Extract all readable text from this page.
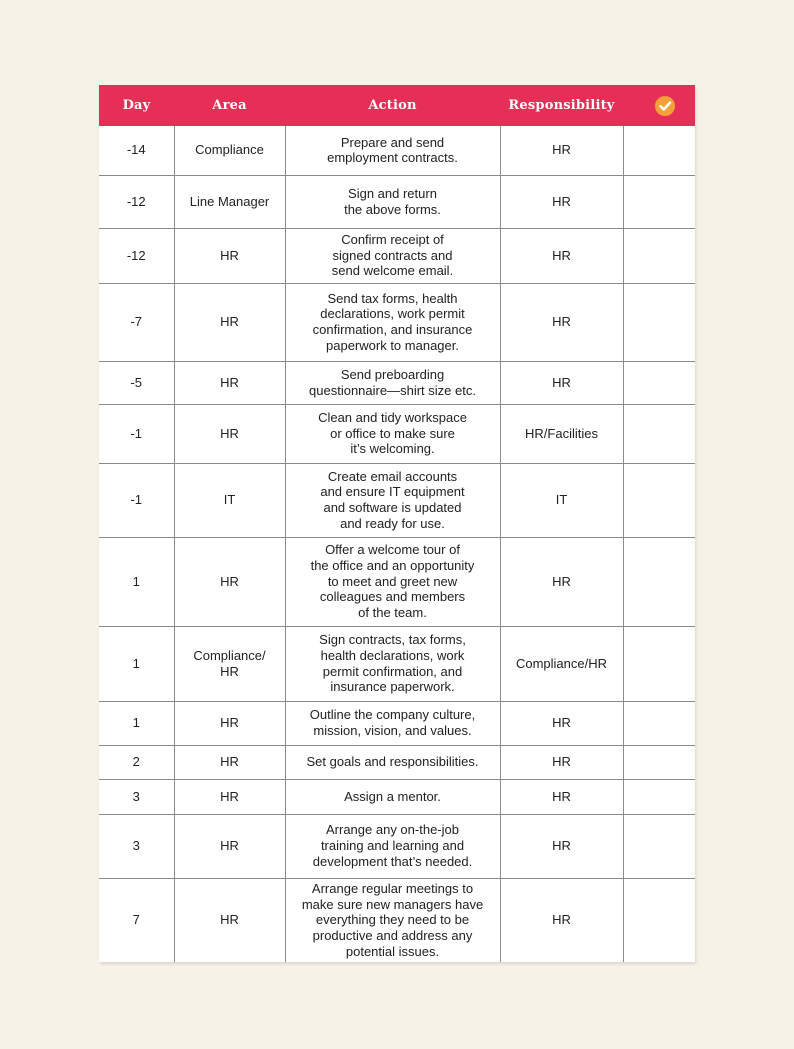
Day	Area	Action	Responsibility	

-14	Compliance	Prepare and send
employment contracts.	HR	
-12	Line Manager	Sign and return
the above forms.	HR	
-12	HR	Confirm receipt of
signed contracts and
send welcome email.	HR	
-7	HR	Send tax forms, health
declarations, work permit
confirmation, and insurance
paperwork to manager.	HR	
-5	HR	Send preboarding
questionnaire—shirt size etc.	HR	
-1	HR	Clean and tidy workspace
or office to make sure
it’s welcoming.	HR/Facilities	
-1	IT	Create email accounts
and ensure IT equipment
and software is updated
and ready for use.	IT	
1	HR	Offer a welcome tour of
the office and an opportunity
to meet and greet new
colleagues and members
of the team.	HR	
1	Compliance/
HR	Sign contracts, tax forms,
health declarations, work
permit confirmation, and
insurance paperwork.	Compliance/HR	
1	HR	Outline the company culture,
mission, vision, and values.	HR	
2	HR	Set goals and responsibilities.	HR	
3	HR	Assign a mentor.	HR	
3	HR	Arrange any on-the-job
training and learning and
development that’s needed.	HR	
7	HR	Arrange regular meetings to
make sure new managers have
everything they need to be
productive and address any
potential issues.	HR	
